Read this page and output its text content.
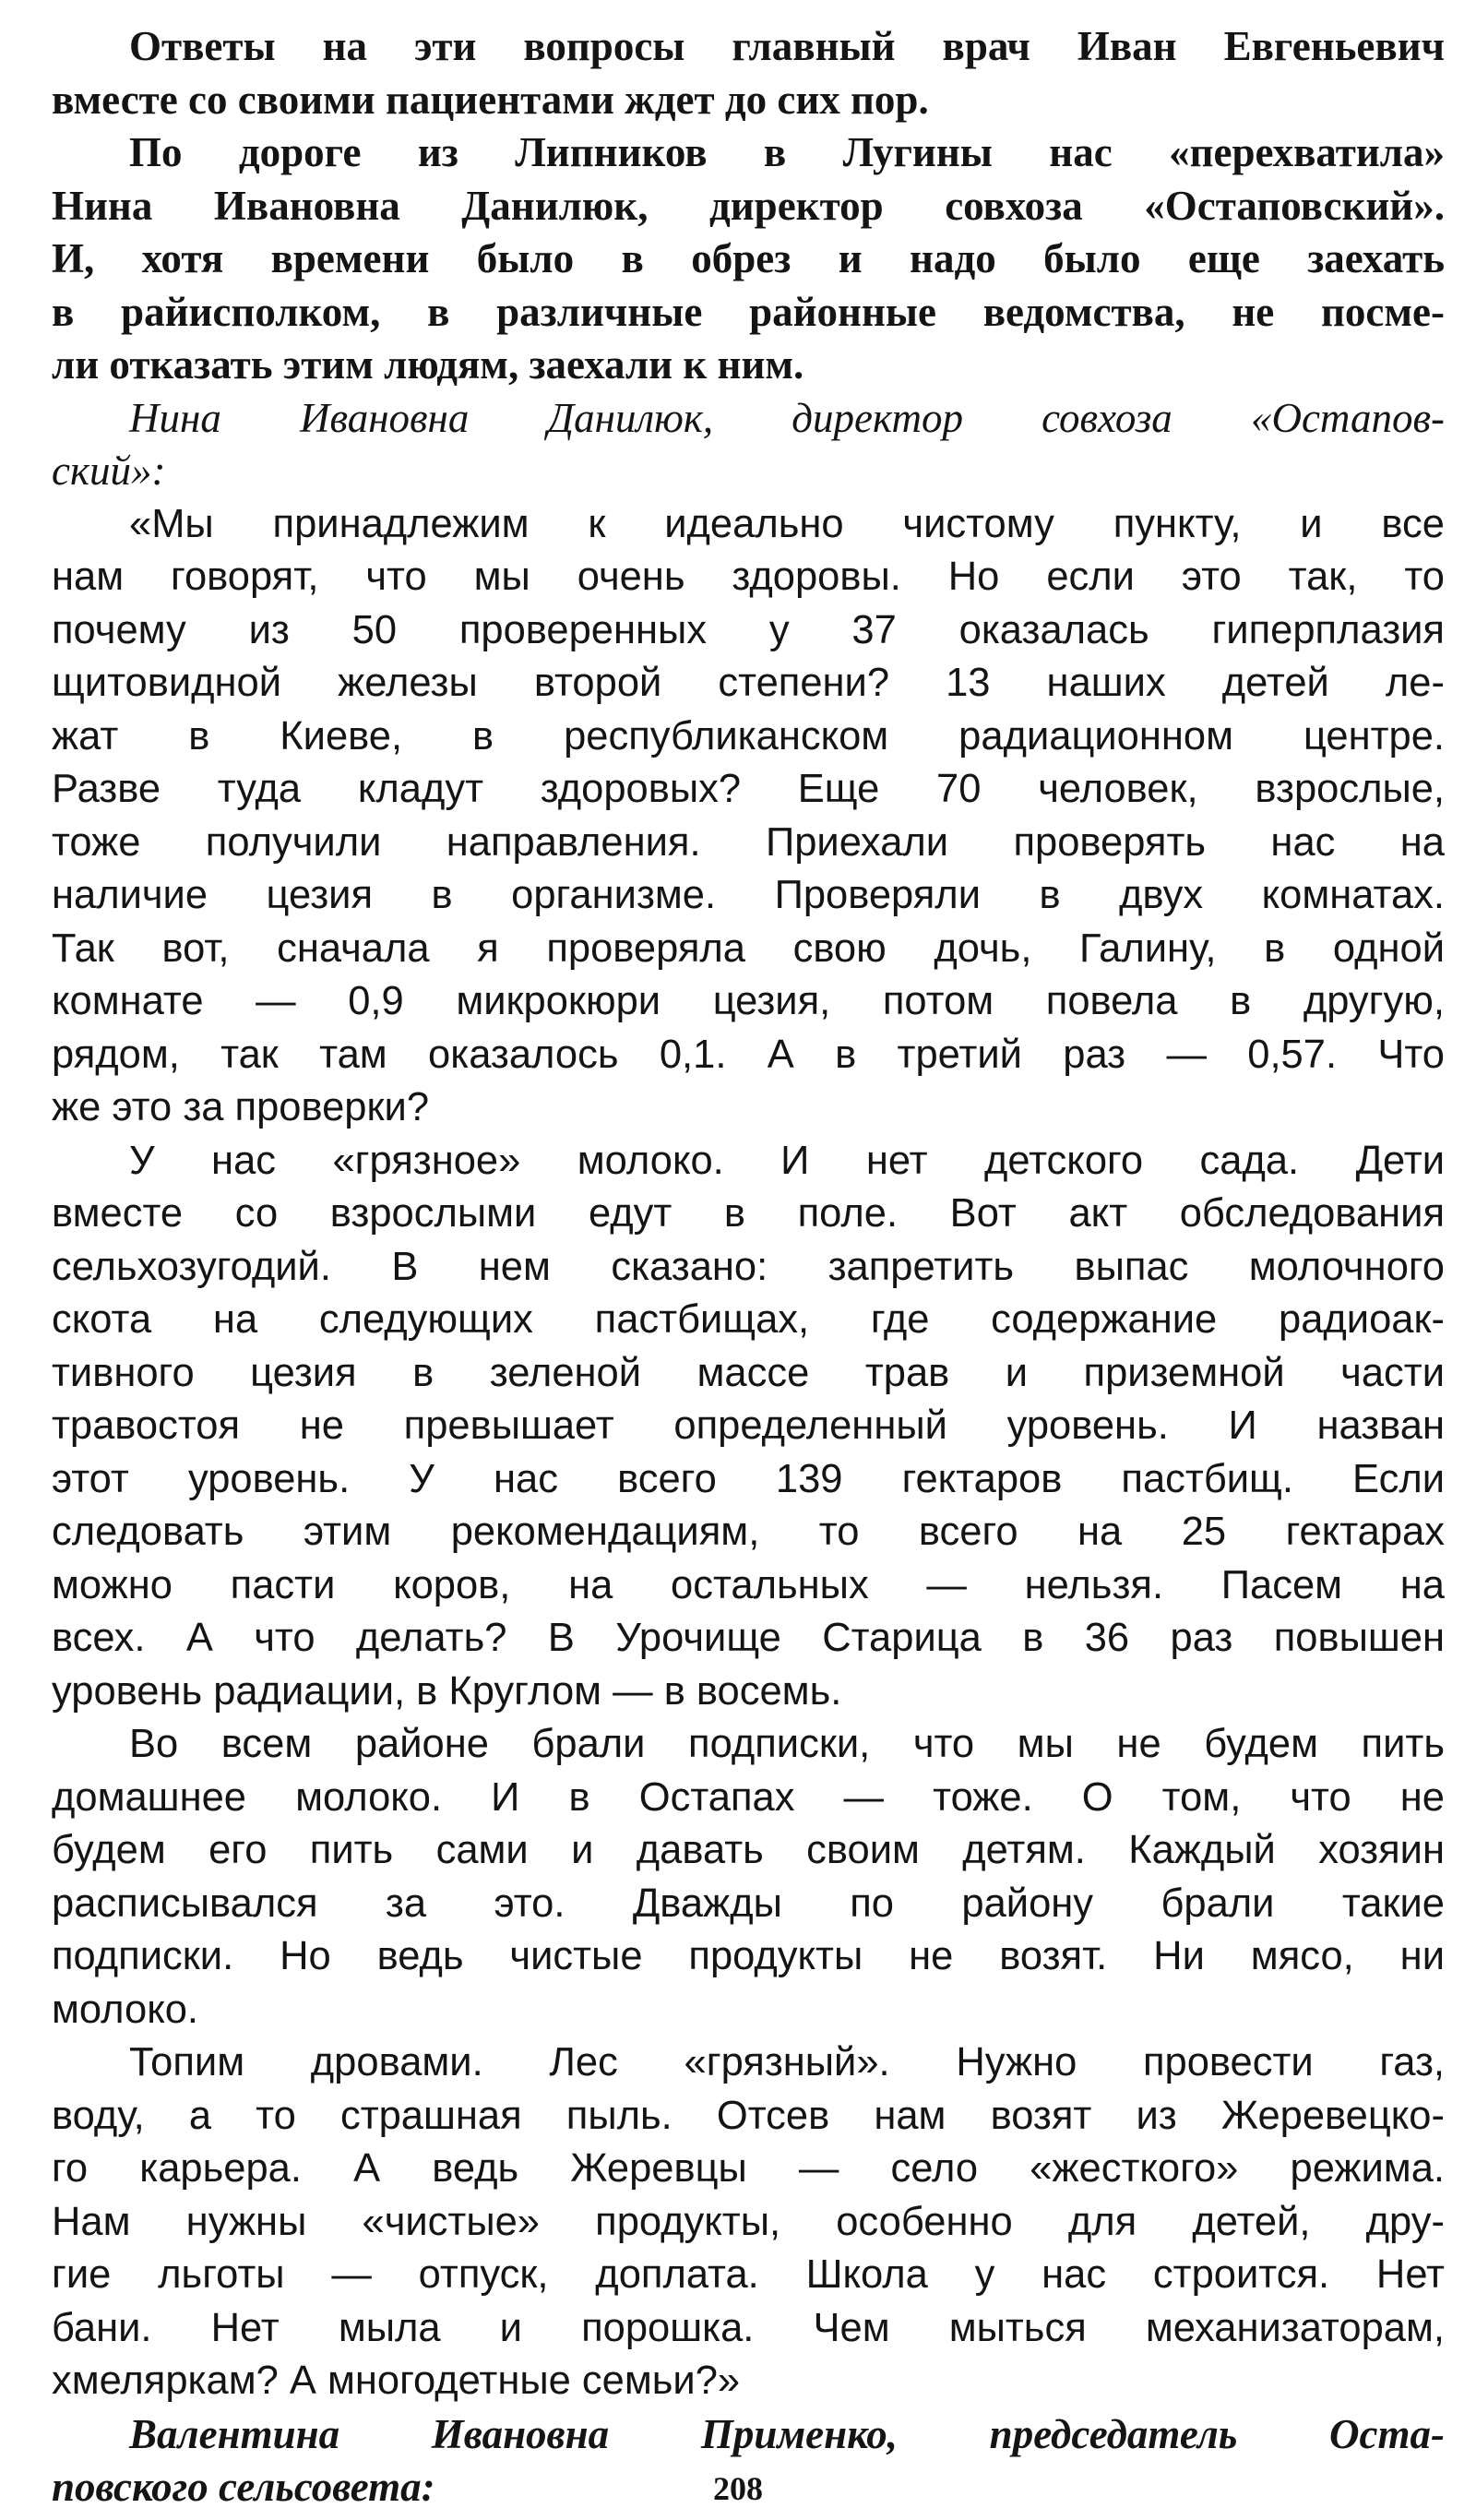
Ответы на эти вопросы главный врач Иван Евгеньевич
вместе со своими пациентами ждет до сих пор.
По дороге из Липников в Лугины нас «перехватила»
Нина Ивановна Данилюк, директор совхоза «Остаповский».
И, хотя времени было в обрез и надо было еще заехать
в райисполком, в различные районные ведомства, не посме-
ли отказать этим людям, заехали к ним.
Нина Ивановна Данилюк, директор совхоза «Остапов-
ский»:
«Мы принадлежим к идеально чистому пункту, и все
нам говорят, что мы очень здоровы. Но если это так, то
почему из 50 проверенных у 37 оказалась гиперплазия
щитовидной железы второй степени? 13 наших детей ле-
жат в Киеве, в республиканском радиационном центре.
Разве туда кладут здоровых? Еще 70 человек, взрослые,
тоже получили направления. Приехали проверять нас на
наличие цезия в организме. Проверяли в двух комнатах.
Так вот, сначала я проверяла свою дочь, Галину, в одной
комнате — 0,9 микрокюри цезия, потом повела в другую,
рядом, так там оказалось 0,1. А в третий раз — 0,57. Что
же это за проверки?
У нас «грязное» молоко. И нет детского сада. Дети
вместе со взрослыми едут в поле. Вот акт обследования
сельхозугодий. В нем сказано: запретить выпас молочного
скота на следующих пастбищах, где содержание радиоак-
тивного цезия в зеленой массе трав и приземной части
травостоя не превышает определенный уровень. И назван
этот уровень. У нас всего 139 гектаров пастбищ. Если
следовать этим рекомендациям, то всего на 25 гектарах
можно пасти коров, на остальных — нельзя. Пасем на
всех. А что делать? В Урочище Старица в 36 раз повышен
уровень радиации, в Круглом — в восемь.
Во всем районе брали подписки, что мы не будем пить
домашнее молоко. И в Остапах — тоже. О том, что не
будем его пить сами и давать своим детям. Каждый хозяин
расписывался за это. Дважды по району брали такие
подписки. Но ведь чистые продукты не возят. Ни мясо, ни
молоко.
Топим дровами. Лес «грязный». Нужно провести газ,
воду, а то страшная пыль. Отсев нам возят из Жеревецко-
го карьера. А ведь Жеревцы — село «жесткого» режима.
Нам нужны «чистые» продукты, особенно для детей, дру-
гие льготы — отпуск, доплата. Школа у нас строится. Нет
бани. Нет мыла и порошка. Чем мыться механизаторам,
хмеляркам? А многодетные семьи?»
Валентина Ивановна Применко, председатель Оста-
повского сельсовета:	208
